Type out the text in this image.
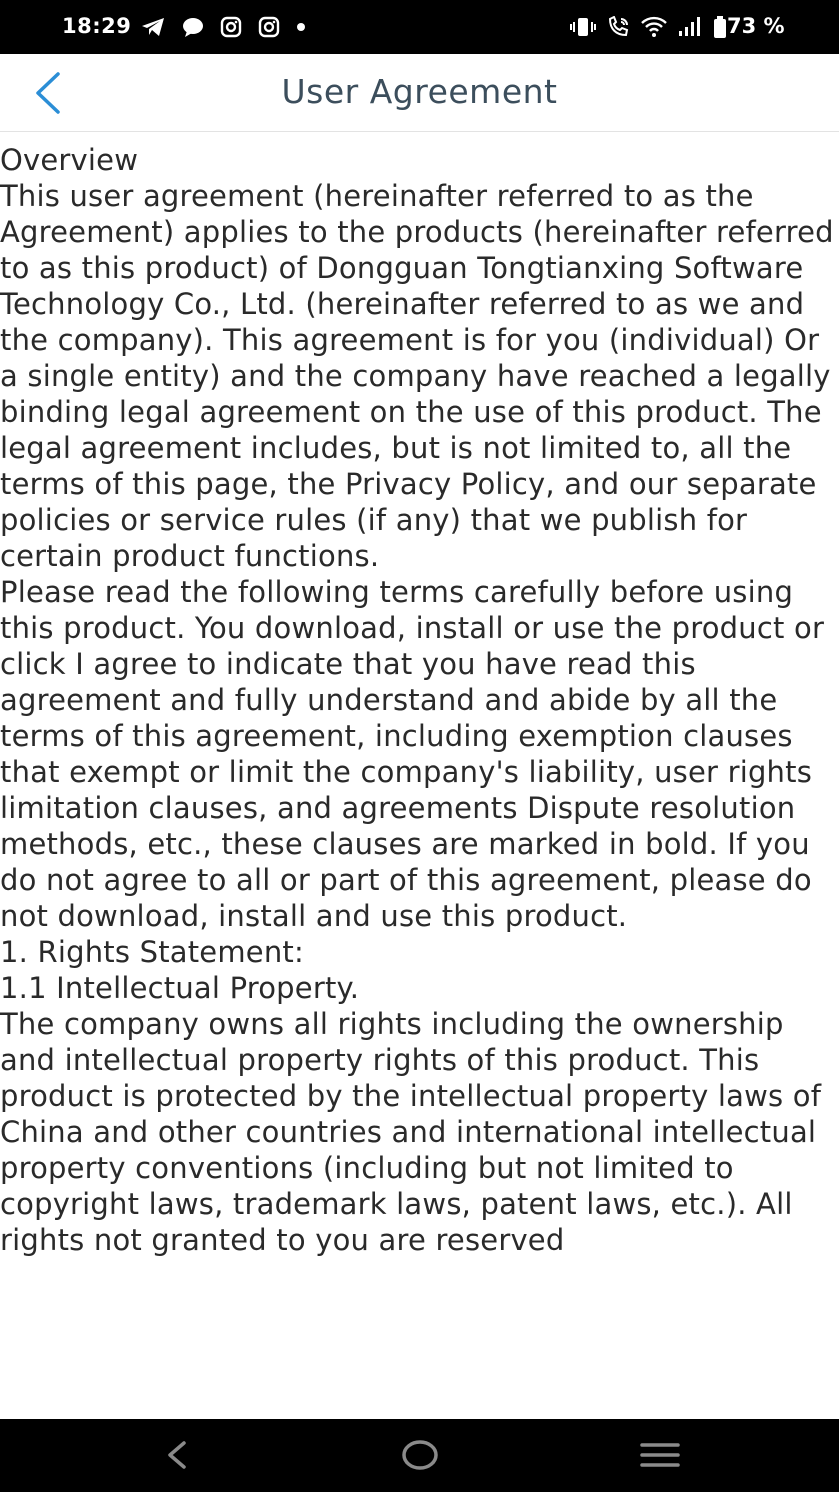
18:29	73 %
User Agreement

Overview
This user agreement (hereinafter referred to as the Agreement) applies to the products (hereinafter referred to as this product) of Dongguan Tongtianxing Software Technology Co., Ltd. (hereinafter referred to as we and the company). This agreement is for you (individual) Or a single entity) and the company have reached a legally binding legal agreement on the use of this product. The legal agreement includes, but is not limited to, all the terms of this page, the Privacy Policy, and our separate policies or service rules (if any) that we publish for certain product functions.
Please read the following terms carefully before using this product. You download, install or use the product or click I agree to indicate that you have read this agreement and fully understand and abide by all the terms of this agreement, including exemption clauses that exempt or limit the company's liability, user rights limitation clauses, and agreements Dispute resolution methods, etc., these clauses are marked in bold. If you do not agree to all or part of this agreement, please do not download, install and use this product.
1. Rights Statement:
1.1 Intellectual Property.
The company owns all rights including the ownership and intellectual property rights of this product. This product is protected by the intellectual property laws of China and other countries and international intellectual property conventions (including but not limited to copyright laws, trademark laws, patent laws, etc.). All rights not granted to you are reserved
